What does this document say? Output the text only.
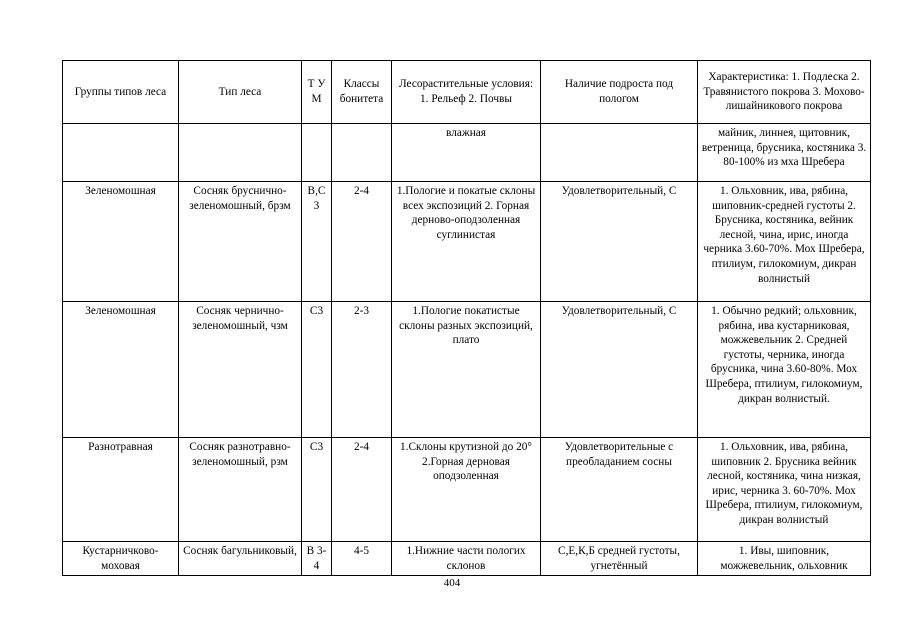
Группы типов леса	Тип леса	Т У М	Классы бонитета	Лесорастительные условия: 1. Рельеф 2. Почвы	Наличие подроста под пологом	Характеристика: 1. Подлеска 2. Травянистого покрова 3. Мохово-лишайникового покрова
				влажная		майник, линнея, щитовник, ветреница, брусника, костяника 3. 80-100% из мха Шребера
Зеленомошная	Сосняк брусничнo-зеленомошный, брзм	В,С 3	2-4	1.Пологие и покатые склоны всех экспозиций 2. Горная дерново-оподзоленная суглинистая	Удовлетворительный, С	1. Ольховник, ива, рябина, шиповник-средней густоты 2. Брусника, костяника, вейник лесной, чина, ирис, иногда черника 3.60-70%. Мох Шребера, птилиум, гилокомиум, дикран волнистый
Зеленомошная	Сосняк чернично-зеленомошный, чзм	С3	2-3	1.Пологие покатистые склоны разных экспозиций, плато	Удовлетворительный, С	1. Обычно редкий; ольховник, рябина, ива кустарниковая, можжевельник 2. Средней густоты, черника, иногда брусника, чина 3.60-80%. Мох Шребера, птилиум, гилокомиум, дикран волнистый.
Разнотравная	Сосняк разнотравно-зеленомошный, рзм	С3	2-4	1.Склоны крутизной до 20° 2.Горная дерновая оподзоленная	Удовлетворительные с преобладанием сосны	1. Ольховник, ива, рябина, шиповник 2. Брусника вейник лесной, костяника, чина низкая, ирис, черника 3. 60-70%. Мох Шребера, птилиум, гилокомиум, дикран волнистый
Кустарничково-моховая	Сосняк багульниковый,	В 3-4	4-5	1.Нижние части пологих склонов	С,Е,К,Б средней густоты, угнетённый	1. Ивы, шиповник, можжевельник, ольховник
404
